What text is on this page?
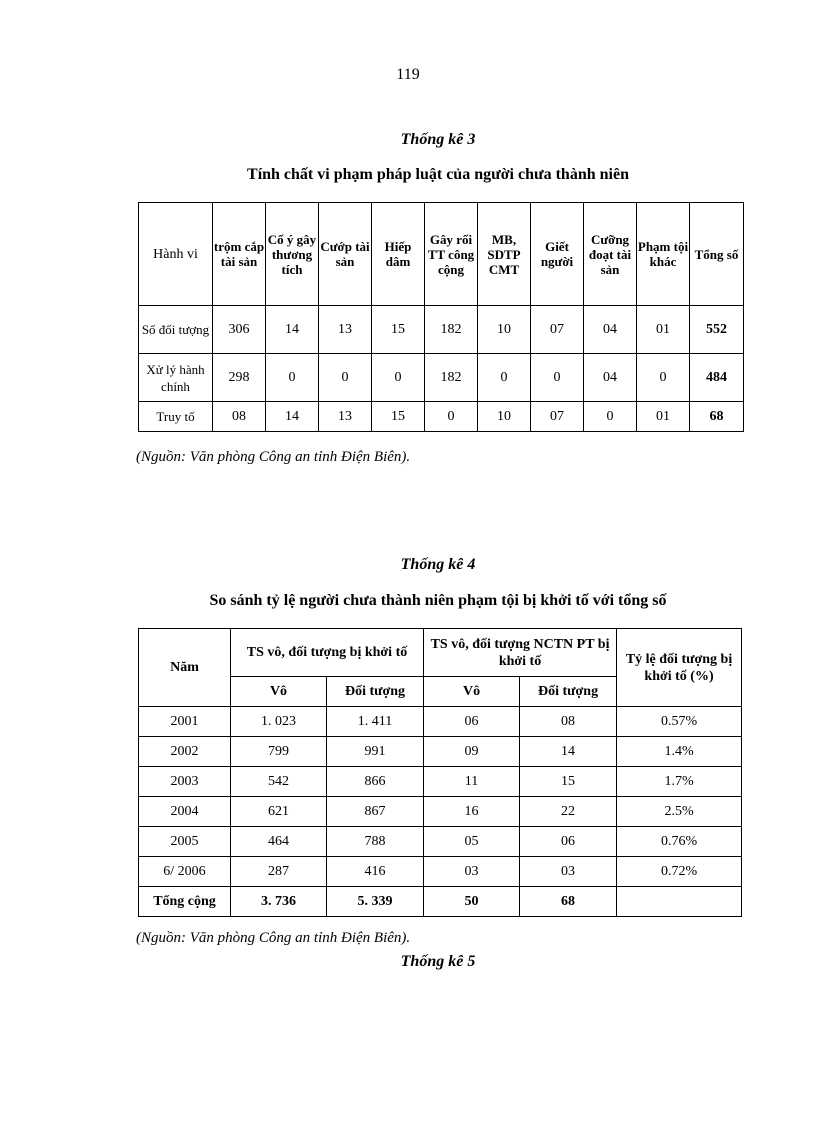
119
Thống kê 3
Tính chất vi phạm pháp luật của người chưa thành niên
Hành vi	trộm cắp tài sản	Cố ý gây thương tích	Cướp tài sản	Hiếp dâm	Gây rối TT công cộng	MB, SDTP CMT	Giết người	Cưỡng đoạt tài sản	Phạm tội khác	Tổng số
Số đối tượng	306	14	13	15	182	10	07	04	01	552
Xử lý hành chính	298	0	0	0	182	0	0	04	0	484
Truy tố	08	14	13	15	0	10	07	0	01	68
(Nguồn: Văn phòng Công an tỉnh Điện Biên).
Thống kê 4
So sánh tỷ lệ người chưa thành niên phạm tội bị khởi tố với tổng số
Năm	TS vô, đối tượng bị khởi tố		TS vô, đối tượng NCTN PT bị khởi tố		Tỷ lệ đối tượng bị khởi tố (%)
	Vô	Đối tượng	Vô	Đối tượng	
2001	1. 023	1. 411	06	08	0.57%
2002	799	991	09	14	1.4%
2003	542	866	11	15	1.7%
2004	621	867	16	22	2.5%
2005	464	788	05	06	0.76%
6/ 2006	287	416	03	03	0.72%
Tổng cộng	3. 736	5. 339	50	68	
(Nguồn: Văn phòng Công an tỉnh Điện Biên).
Thống kê 5
